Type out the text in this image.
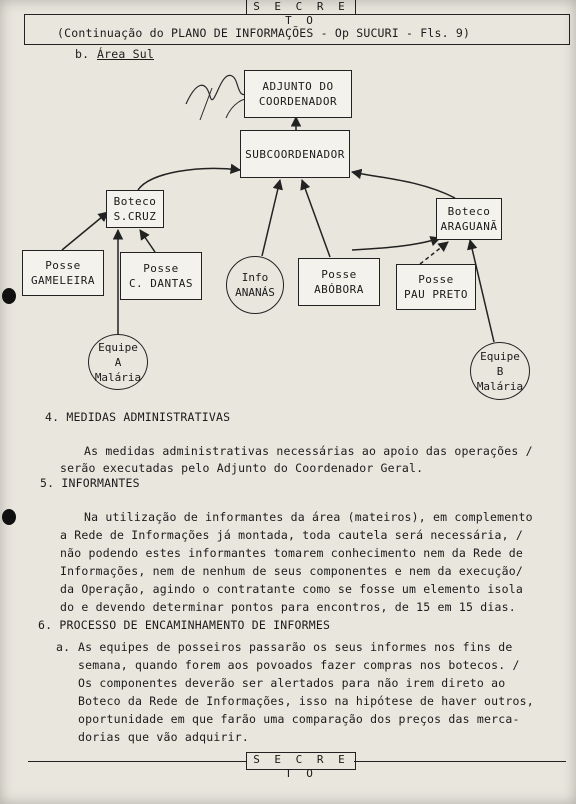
S E C R E T O
(Continuação do PLANO DE INFORMAÇÕES - Op SUCURI - Fls. 9)
b. Área Sul
ADJUNTO DO
COORDENADOR
SUBCOORDENADOR
Boteco
S.CRUZ	Boteco
ARAGUANÃ
Posse
GAMELEIRA
Posse
C. DANTAS	Info
ANANÁS
Posse
ABÓBORA
Posse
PAU PRETO
Equipe
A
Malária
Equipe
B
Malária
4. MEDIDAS ADMINISTRATIVAS
As medidas administrativas necessárias ao apoio das operações /
serão executadas pelo Adjunto do Coordenador Geral.
5. INFORMANTES
Na utilização de informantes da área (mateiros), em complemento
a Rede de Informações já montada, toda cautela será necessária, /
não podendo estes informantes tomarem conhecimento nem da Rede de
Informações, nem de nenhum de seus componentes e nem da execução/
da Operação, agindo o contratante como se fosse um elemento isola
do e devendo determinar pontos para encontros, de 15 em 15 dias.
6. PROCESSO DE ENCAMINHAMENTO DE INFORMES
a. As equipes de posseiros passarão os seus informes nos fins de
semana, quando forem aos povoados fazer compras nos botecos. /
Os componentes deverão ser alertados para não irem direto ao
Boteco da Rede de Informações, isso na hipótese de haver outros,
oportunidade em que farão uma comparação dos preços das merca-
dorias que vão adquirir.
S E C R E T O
